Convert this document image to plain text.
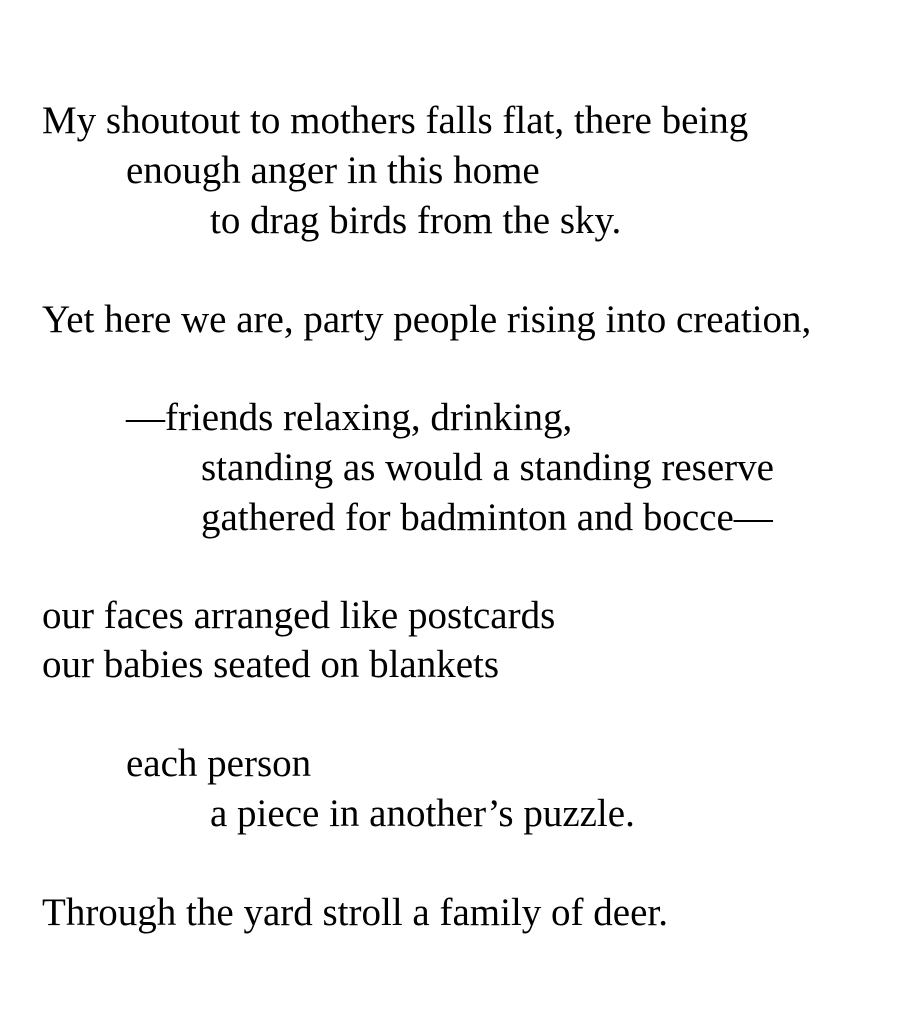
My shoutout to mothers falls flat, there being
enough anger in this home
to drag birds from the sky.
Yet here we are, party people rising into creation,
—friends relaxing, drinking,
standing as would a standing reserve
gathered for badminton and bocce—
our faces arranged like postcards
our babies seated on blankets
each person
a piece in another’s puzzle.
Through the yard stroll a family of deer.
